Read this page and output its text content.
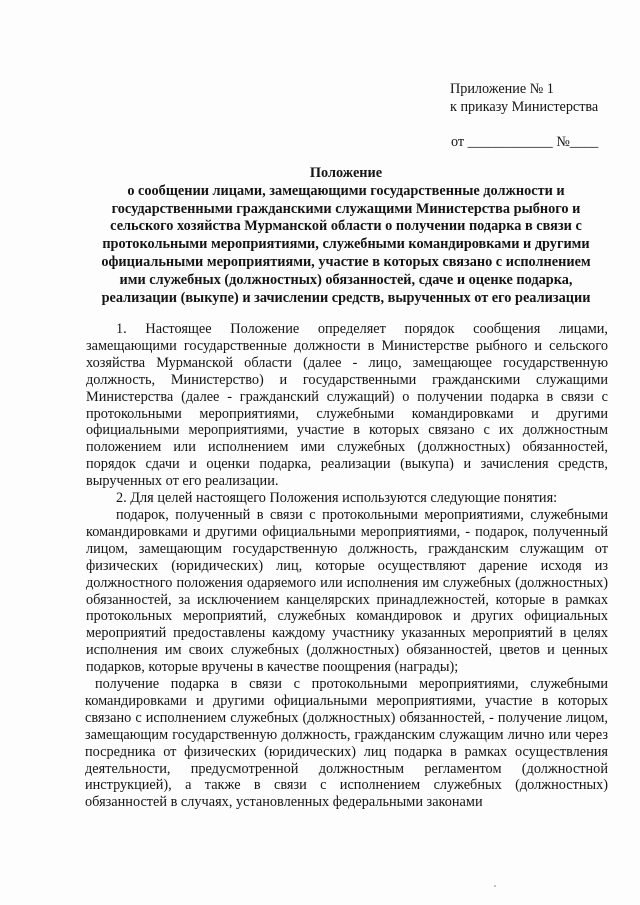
Приложение № 1
к приказу Министерства
от ____________ №____
Положение
о сообщении лицами, замещающими государственные должности и
государственными гражданскими служащими Министерства рыбного и
сельского хозяйства Мурманской области о получении подарка в связи с
протокольными мероприятиями, служебными командировками и другими
официальными мероприятиями, участие в которых связано с исполнением
ими служебных (должностных) обязанностей, сдаче и оценке подарка,
реализации (выкупе) и зачислении средств, вырученных от его реализации

1. Настоящее Положение определяет порядок сообщения лицами, замещающими государственные должности в Министерстве рыбного и сельского хозяйства Мурманской области (далее - лицо, замещающее государственную должность, Министерство) и государственными гражданскими служащими Министерства (далее - гражданский служащий) о получении подарка в связи с протокольными мероприятиями, служебными командировками и другими официальными мероприятиями, участие в которых связано с их должностным положением или исполнением ими служебных (должностных) обязанностей, порядок сдачи и оценки подарка, реализации (выкупа) и зачисления средств, вырученных от его реализации.

2. Для целей настоящего Положения используются следующие понятия:

подарок, полученный в связи с протокольными мероприятиями, служебными командировками и другими официальными мероприятиями, - подарок, полученный лицом, замещающим государственную должность, гражданским служащим от физических (юридических) лиц, которые осуществляют дарение исходя из должностного положения одаряемого или исполнения им служебных (должностных) обязанностей, за исключением канцелярских принадлежностей, которые в рамках протокольных мероприятий, служебных командировок и других официальных мероприятий предоставлены каждому участнику указанных мероприятий в целях исполнения им своих служебных (должностных) обязанностей, цветов и ценных подарков, которые вручены в качестве поощрения (награды);

получение подарка в связи с протокольными мероприятиями, служебными командировками и другими официальными мероприятиями, участие в которых связано с исполнением служебных (должностных) обязанностей, - получение лицом, замещающим государственную должность, гражданским служащим лично или через посредника от физических (юридических) лиц подарка в рамках осуществления деятельности, предусмотренной должностным регламентом (должностной инструкцией), а также в связи с исполнением служебных (должностных) обязанностей в случаях, установленных федеральными законами
